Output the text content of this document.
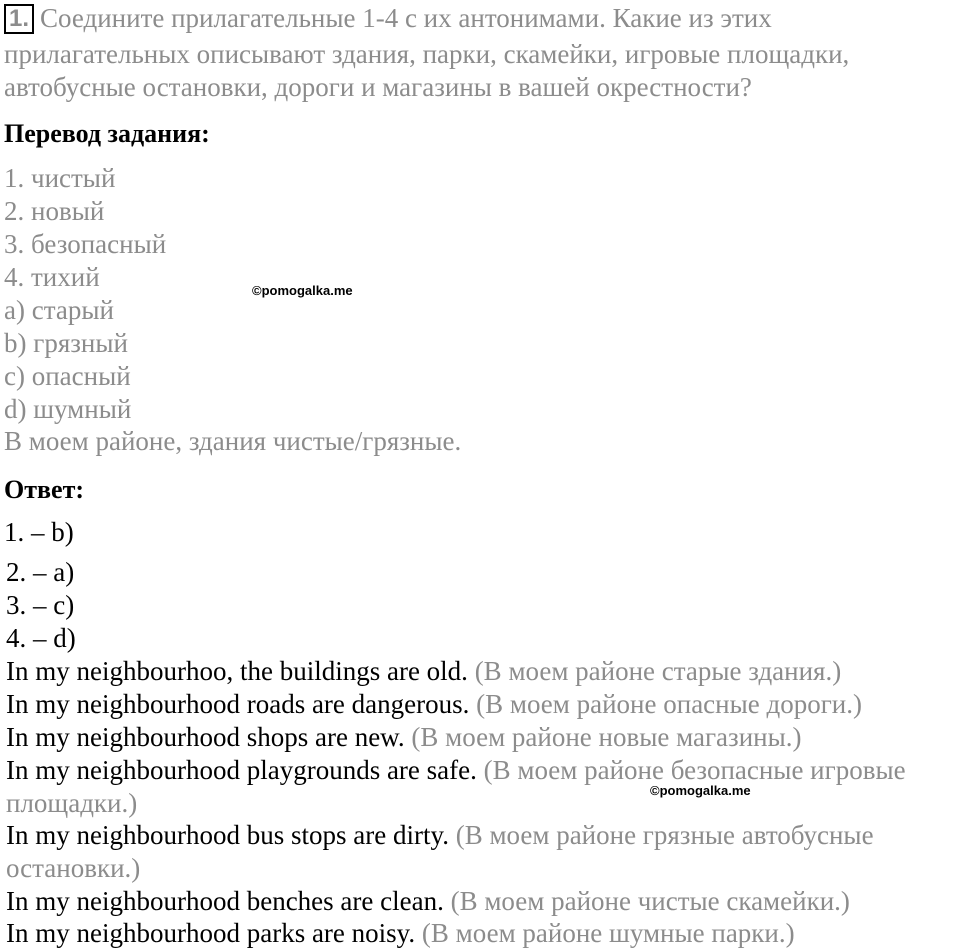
1. Соедините прилагательные 1-4 с их антонимами. Какие из этих
прилагательных описывают здания, парки, скамейки, игровые площадки,
автобусные остановки, дороги и магазины в вашей окрестности?
Перевод задания:
1. чистый
2. новый
3. безопасный
4. тихий
a) старый
b) грязный
c) опасный
d) шумный
В моем районе, здания чистые/грязные.
©pomogalka.me
Ответ:
1. – b)
2. – a)
3. – c)
4. – d)
In my neighbourhoo, the buildings are old. (В моем районе старые здания.)
In my neighbourhood roads are dangerous. (В моем районе опасные дороги.)
In my neighbourhood shops are new. (В моем районе новые магазины.)
In my neighbourhood playgrounds are safe. (В моем районе безопасные игровые
площадки.)	©pomogalka.me
In my neighbourhood bus stops are dirty. (В моем районе грязные автобусные
остановки.)
In my neighbourhood benches are clean. (В моем районе чистые скамейки.)
In my neighbourhood parks are noisy. (В моем районе шумные парки.)
